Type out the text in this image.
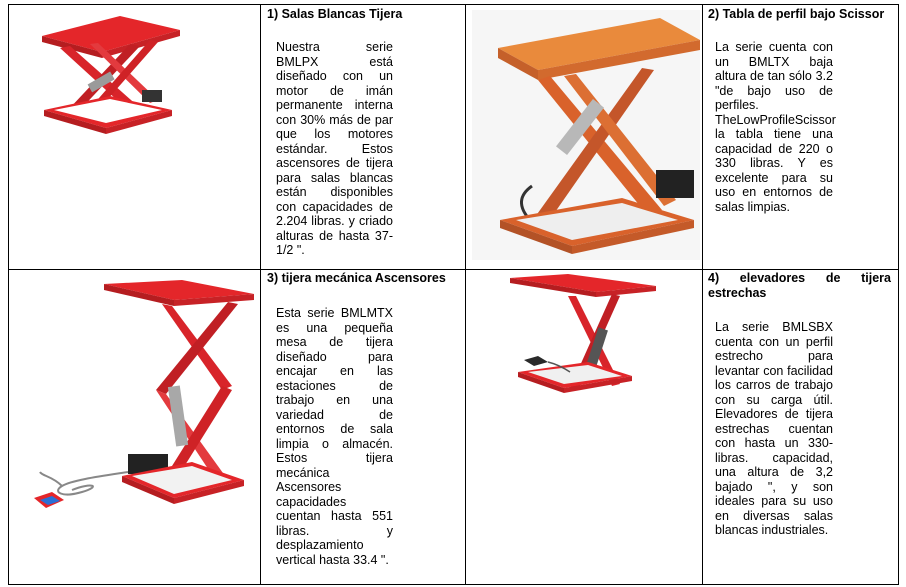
1) Salas Blancas Tijera
Nuestra serie BMLPX está diseñado con un motor de imán permanente interna con 30% más de par que los motores estándar. Estos ascensores de tijera para salas blancas están disponibles con capacidades de 2.204 libras. y criado alturas de hasta 37-1/2 ".
2) Tabla de perfil bajo Scissor
La serie cuenta con un BMLTX baja altura de tan sólo 3.2 "de bajo uso de perfiles. TheLowProfileScissor la tabla tiene una capacidad de 220 o 330 libras. Y es excelente para su uso en entornos de salas limpias.
3) tijera mecánica Ascensores
Esta serie BMLMTX es una pequeña mesa de tijera diseñado para encajar en las estaciones de trabajo en una variedad de entornos de sala limpia o almacén. Estos tijera mecánica Ascensores capacidades cuentan hasta 551 libras. y desplazamiento vertical hasta 33.4 ".
4) elevadores de tijera estrechas
La serie BMLSBX cuenta con un perfil estrecho para levantar con facilidad los carros de trabajo con su carga útil. Elevadores de tijera estrechas cuentan con hasta un 330-libras. capacidad, una altura de 3,2 bajado ", y son ideales para su uso en diversas salas blancas industriales.
